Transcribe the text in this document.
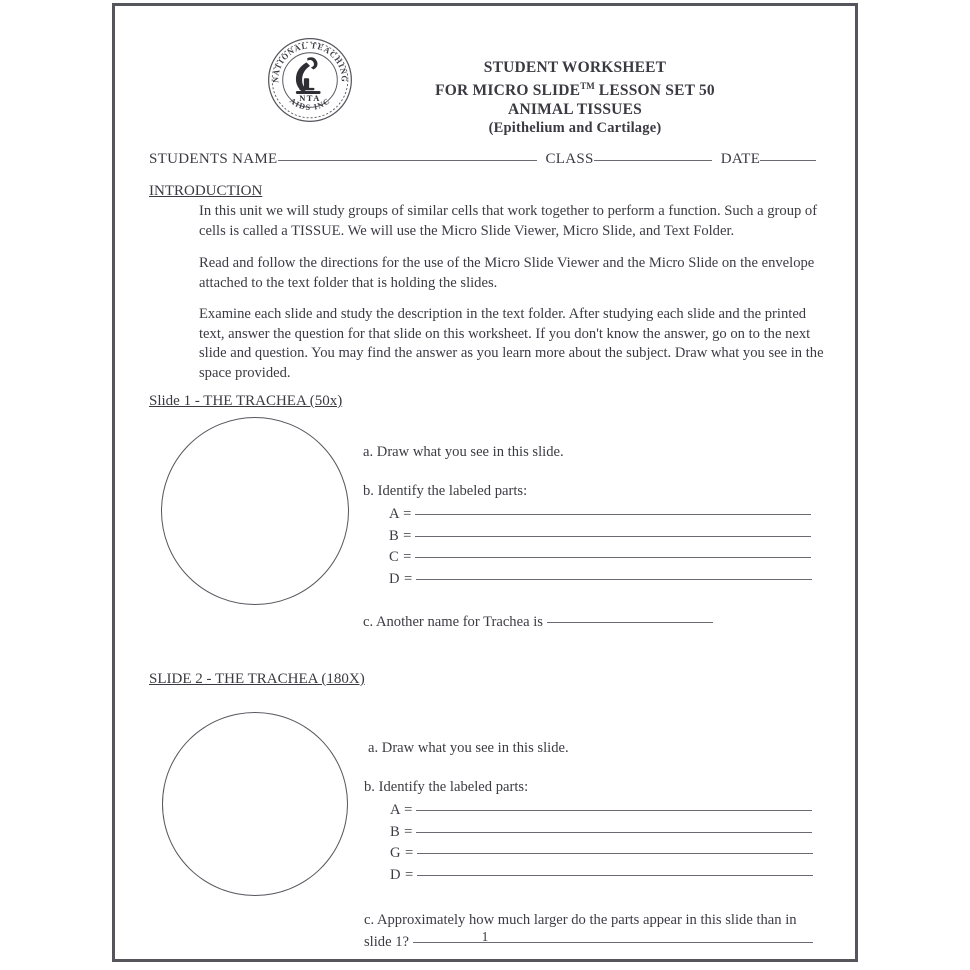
NATIONAL TEACHING
AIDS INC
NTA
STUDENT WORKSHEET
FOR MICRO SLIDE™ LESSON SET 50
ANIMAL TISSUES
(Epithelium and Cartilage)
STUDENTS NAME	CLASS	DATE
INTRODUCTION
In this unit we will study groups of similar cells that work together to perform a function. Such a group of cells is called a TISSUE. We will use the Micro Slide Viewer, Micro Slide, and Text Folder.
Read and follow the directions for the use of the Micro Slide Viewer and the Micro Slide on the envelope attached to the text folder that is holding the slides.
Examine each slide and study the description in the text folder. After studying each slide and the printed text, answer the question for that slide on this worksheet. If you don't know the answer, go on to the next slide and question. You may find the answer as you learn more about the subject. Draw what you see in the space provided.
Slide 1 - THE TRACHEA (50x)
a. Draw what you see in this slide.
b. Identify the labeled parts:
A =
B =
C =
D =
c. Another name for Trachea is
SLIDE 2 - THE TRACHEA (180X)
a. Draw what you see in this slide.
b. Identify the labeled parts:
A =
B =
G =
D =
c. Approximately how much larger do the parts appear in this slide than in
slide 1?	1
